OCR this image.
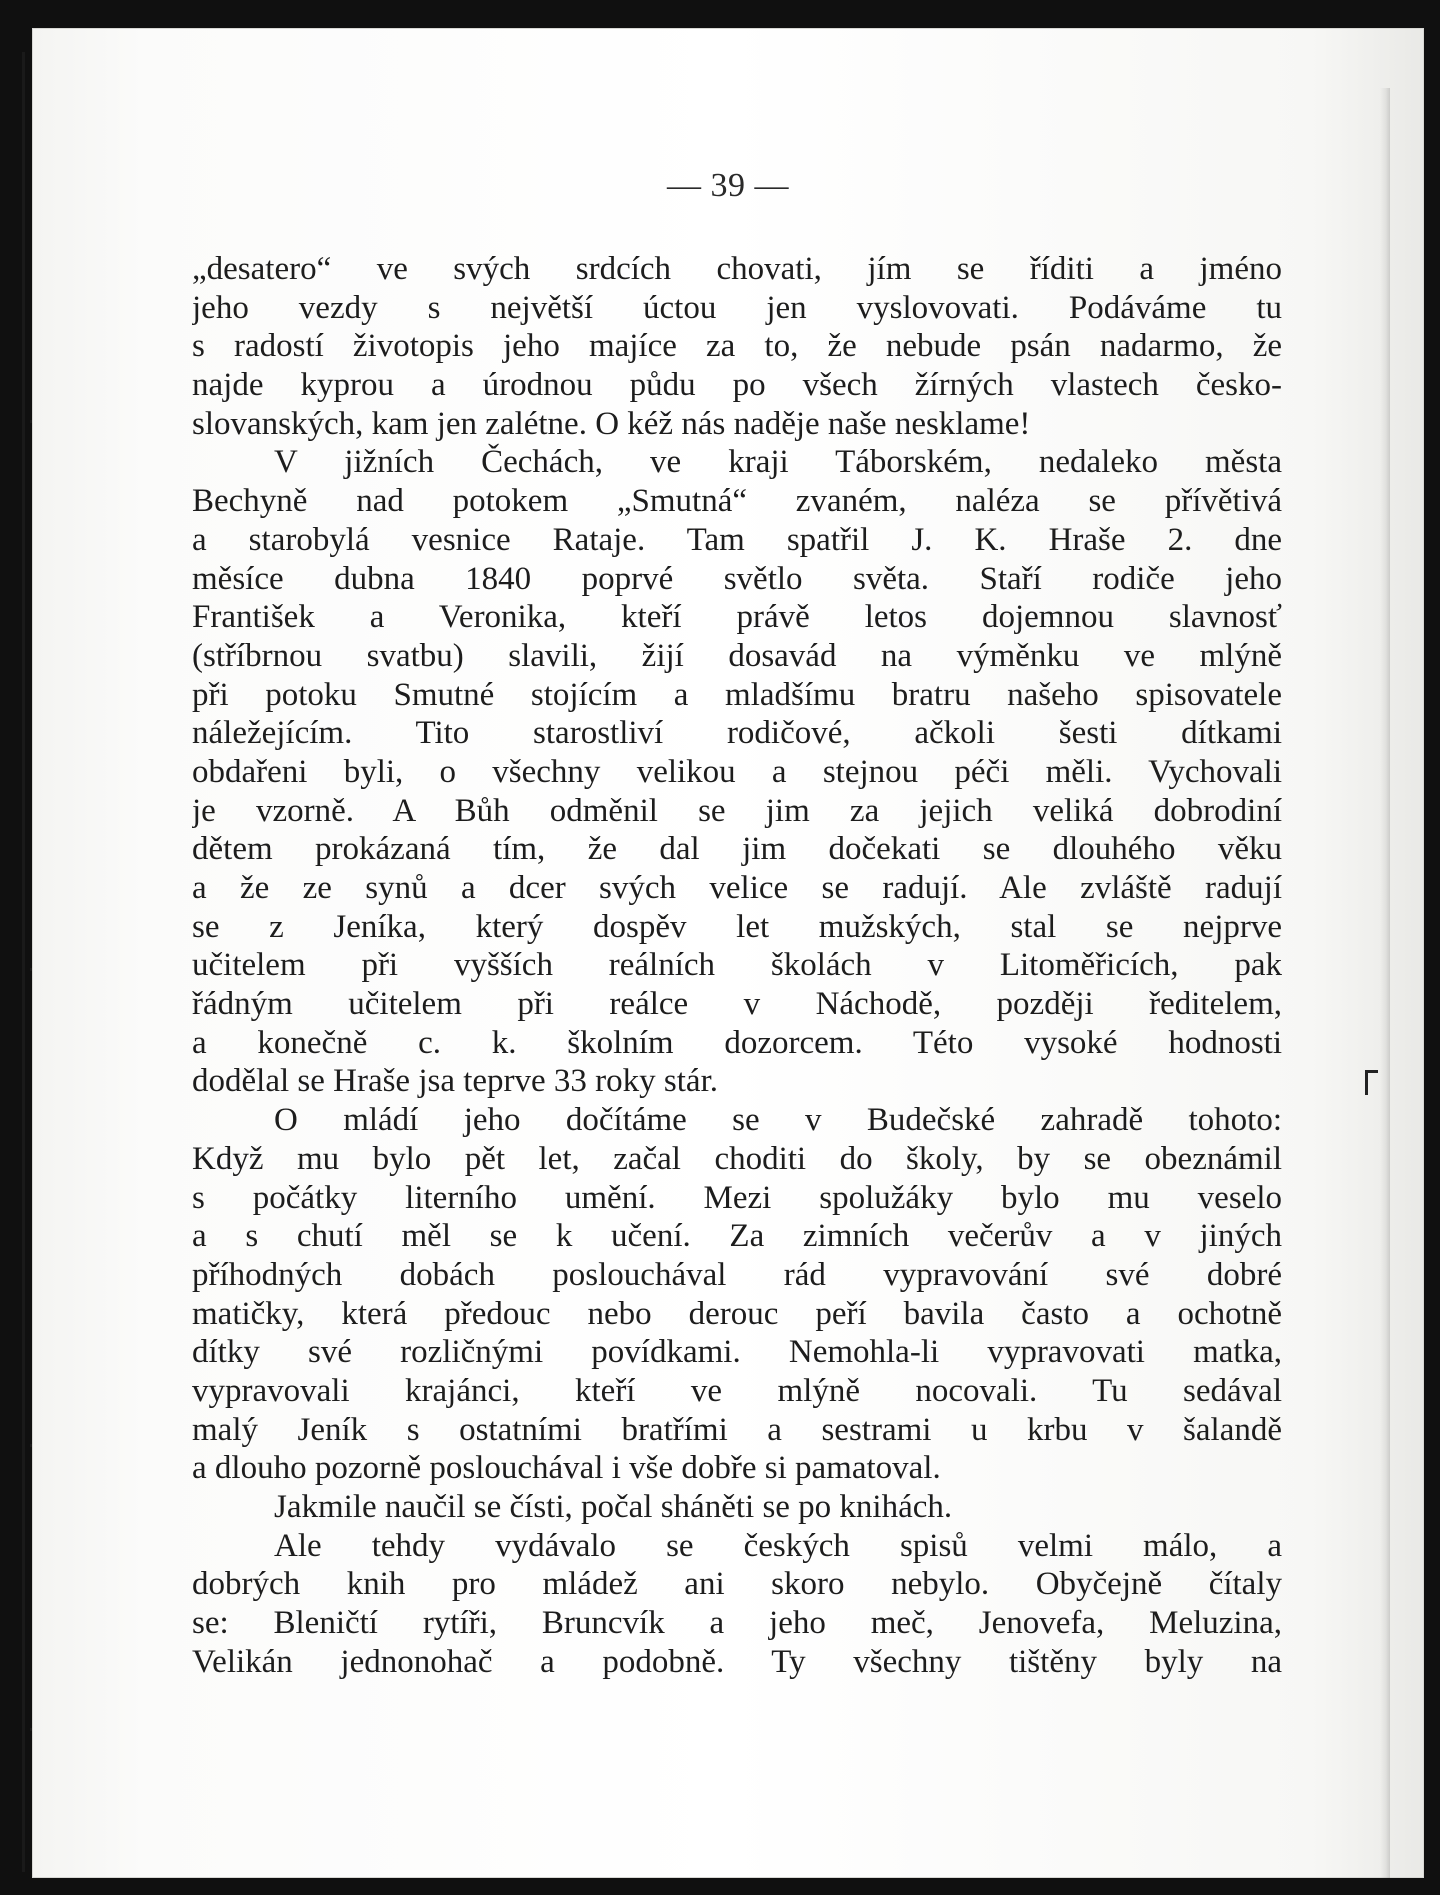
— 39 —
„desatero“ ve svých srdcích chovati, jím se říditi a jméno
jeho vezdy s největší úctou jen vyslovovati. Podáváme tu
s radostí životopis jeho majíce za to, že nebude psán nadarmo, že
najde kyprou a úrodnou půdu po všech žírných vlastech česko-
slovanských, kam jen zalétne. O kéž nás naděje naše nesklame!
V jižních Čechách, ve kraji Táborském, nedaleko města
Bechyně nad potokem „Smutná“ zvaném, naléza se přívětivá
a starobylá vesnice Rataje. Tam spatřil J. K. Hraše 2. dne
měsíce dubna 1840 poprvé světlo světa. Staří rodiče jeho
František a Veronika, kteří právě letos dojemnou slavnosť
(stříbrnou svatbu) slavili, žijí dosavád na výměnku ve mlýně
při potoku Smutné stojícím a mladšímu bratru našeho spisovatele
náležejícím. Tito starostliví rodičové, ačkoli šesti dítkami
obdařeni byli, o všechny velikou a stejnou péči měli. Vychovali
je vzorně. A Bůh odměnil se jim za jejich veliká dobrodiní
dětem prokázaná tím, že dal jim dočekati se dlouhého věku
a že ze synů a dcer svých velice se radují. Ale zvláště radují
se z Jeníka, který dospěv let mužských, stal se nejprve
učitelem při vyšších reálních školách v Litoměřicích, pak
řádným učitelem při reálce v Náchodě, později ředitelem,
a konečně c. k. školním dozorcem. Této vysoké hodnosti
dodělal se Hraše jsa teprve 33 roky stár.
O mládí jeho dočítáme se v Budečské zahradě tohoto:
Když mu bylo pět let, začal choditi do školy, by se obeznámil
s počátky literního umění. Mezi spolužáky bylo mu veselo
a s chutí měl se k učení. Za zimních večerův a v jiných
příhodných dobách poslouchával rád vypravování své dobré
matičky, která předouc nebo derouc peří bavila často a ochotně
dítky své rozličnými povídkami. Nemohla-li vypravovati matka,
vypravovali krajánci, kteří ve mlýně nocovali. Tu sedával
malý Jeník s ostatními bratřími a sestrami u krbu v šalandě
a dlouho pozorně poslouchával i vše dobře si pamatoval.
Jakmile naučil se čísti, počal sháněti se po knihách.
Ale tehdy vydávalo se českých spisů velmi málo, a
dobrých knih pro mládež ani skoro nebylo. Obyčejně čítaly
se: Bleničtí rytíři, Bruncvík a jeho meč, Jenovefa, Meluzina,
Velikán jednonohač a podobně. Ty všechny tištěny byly na
